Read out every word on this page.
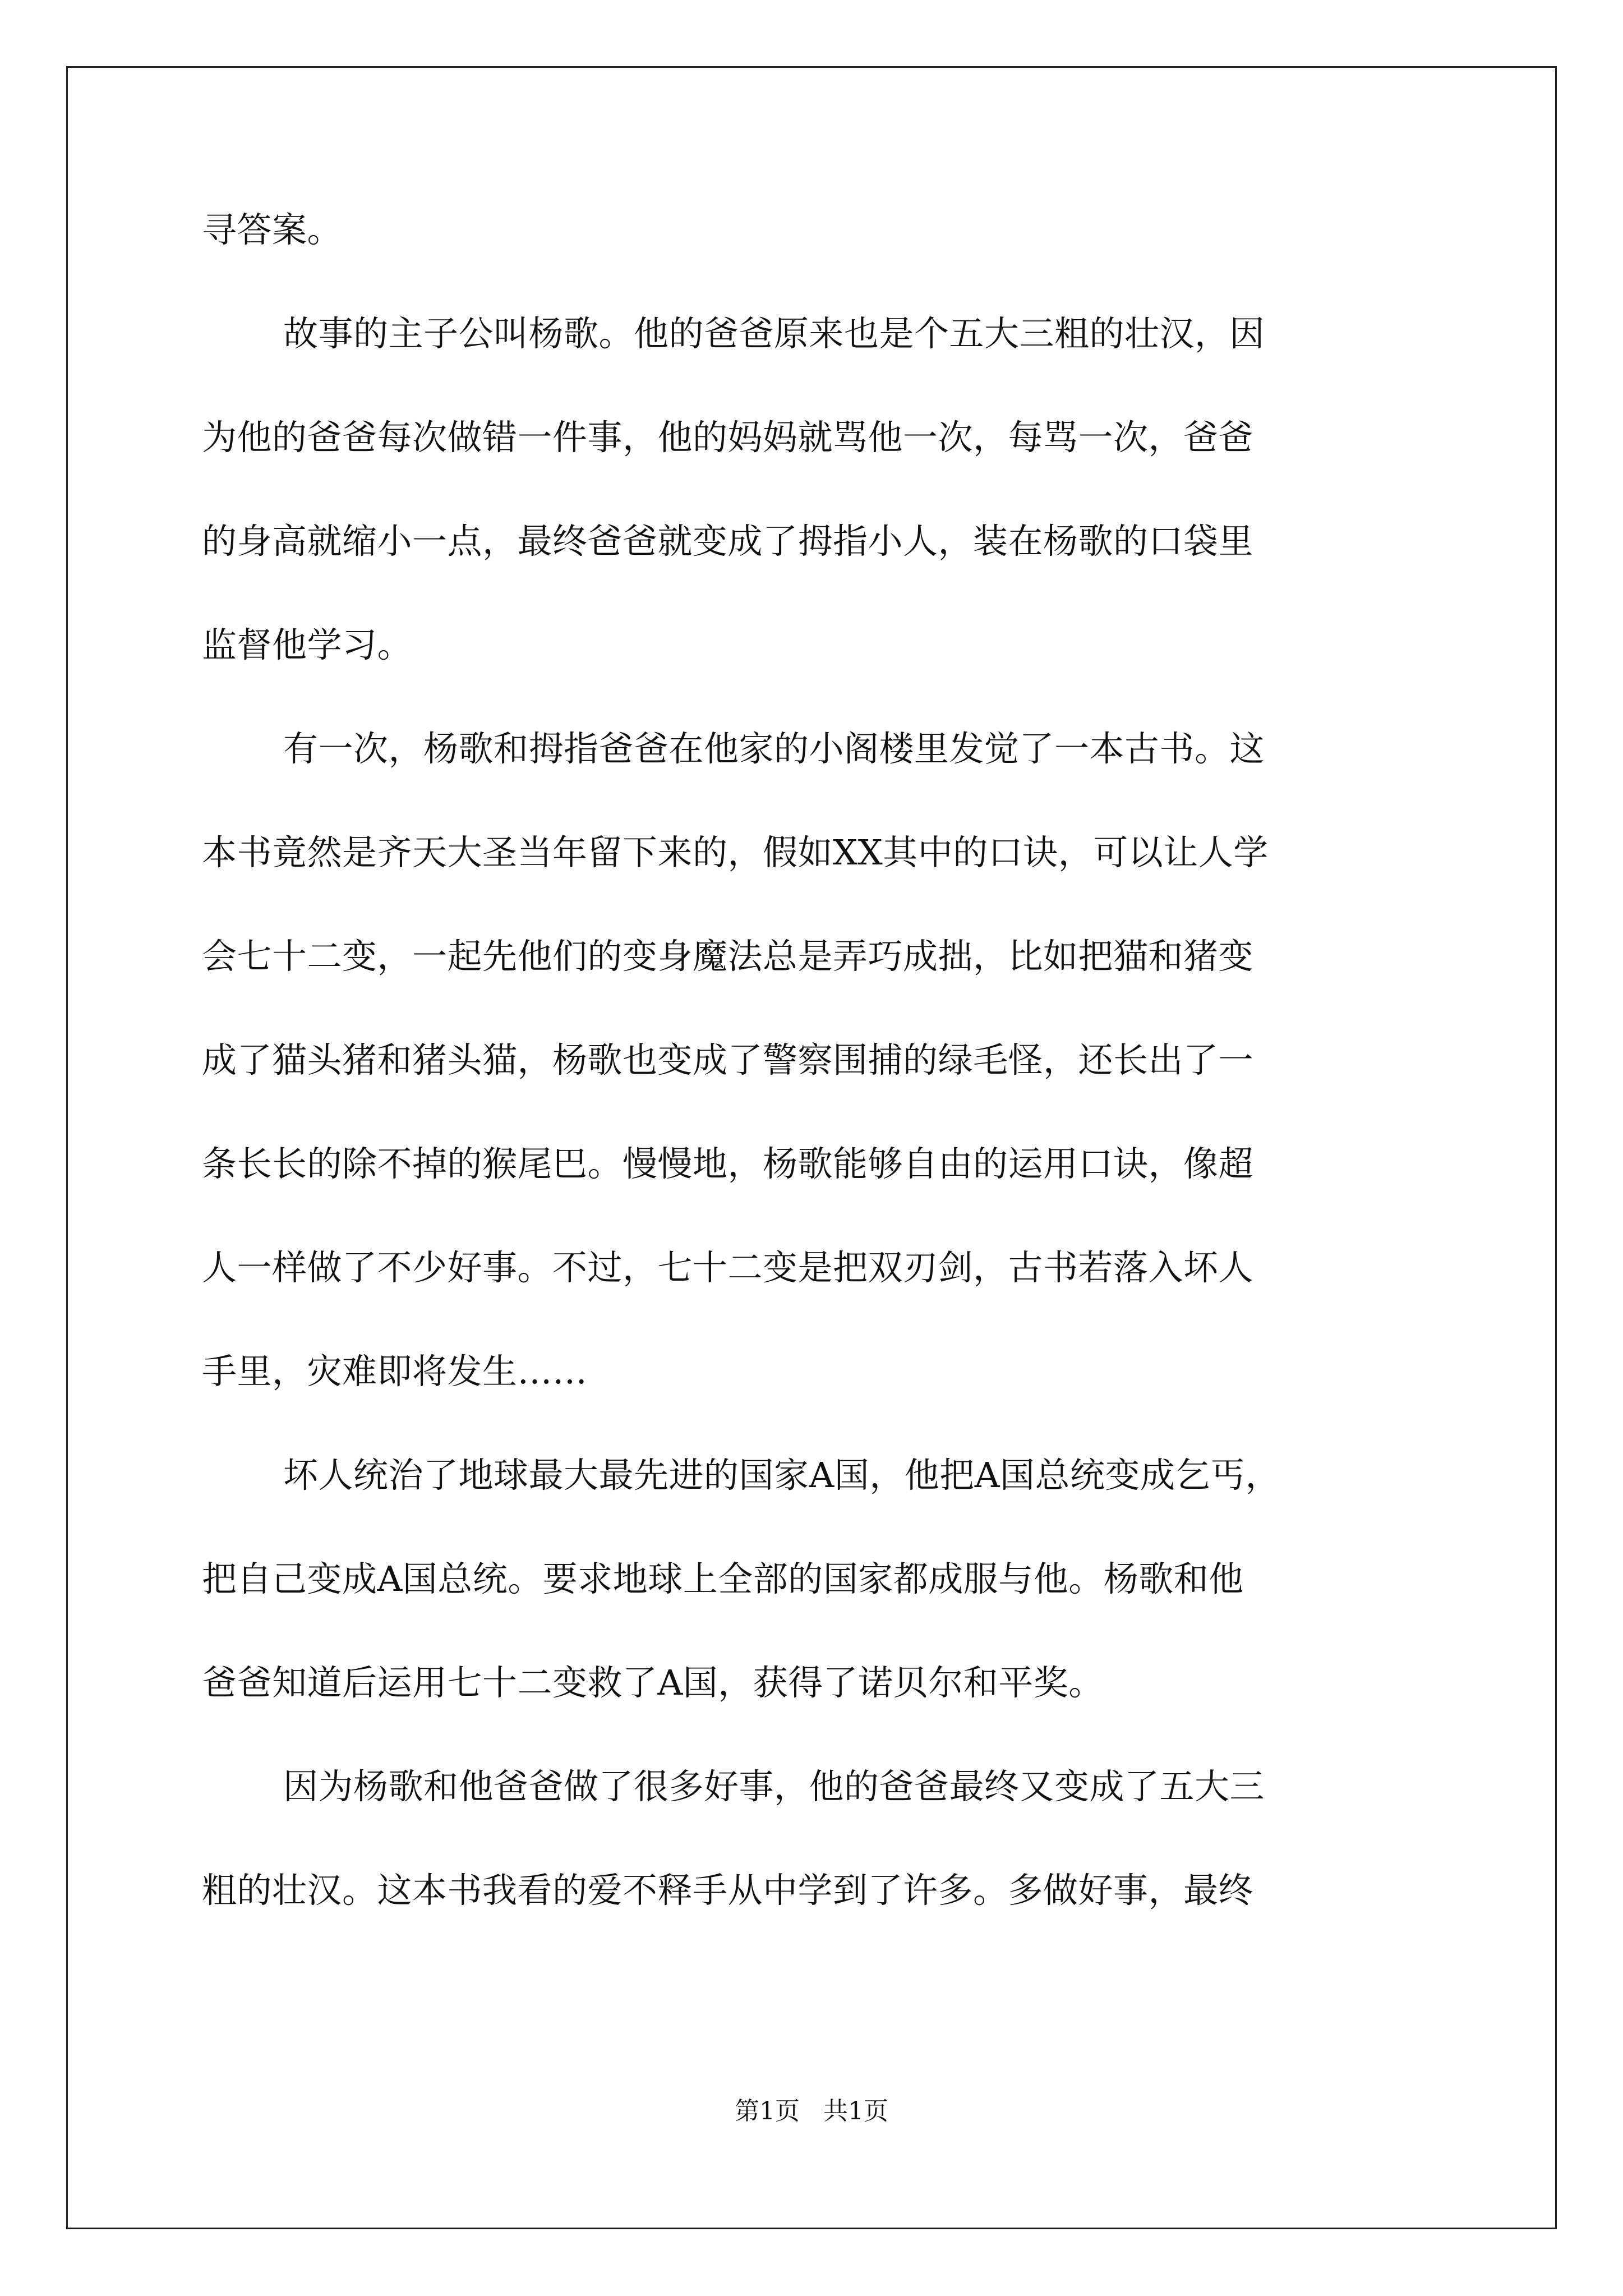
寻答案。
故事的主子公叫杨歌。他的爸爸原来也是个五大三粗的壮汉，因
为他的爸爸每次做错一件事，他的妈妈就骂他一次，每骂一次，爸爸
的身高就缩小一点，最终爸爸就变成了拇指小人，装在杨歌的口袋里
监督他学习。
有一次，杨歌和拇指爸爸在他家的小阁楼里发觉了一本古书。这
本书竟然是齐天大圣当年留下来的，假如XX其中的口诀，可以让人学
会七十二变，一起先他们的变身魔法总是弄巧成拙，比如把猫和猪变
成了猫头猪和猪头猫，杨歌也变成了警察围捕的绿毛怪，还长出了一
条长长的除不掉的猴尾巴。慢慢地，杨歌能够自由的运用口诀，像超
人一样做了不少好事。不过，七十二变是把双刃剑，古书若落入坏人
手里，灾难即将发生……
坏人统治了地球最大最先进的国家A国，他把A国总统变成乞丐，
把自己变成A国总统。要求地球上全部的国家都成服与他。杨歌和他
爸爸知道后运用七十二变救了A国，获得了诺贝尔和平奖。
因为杨歌和他爸爸做了很多好事，他的爸爸最终又变成了五大三
粗的壮汉。这本书我看的爱不释手从中学到了许多。多做好事，最终
第1页   共1页
